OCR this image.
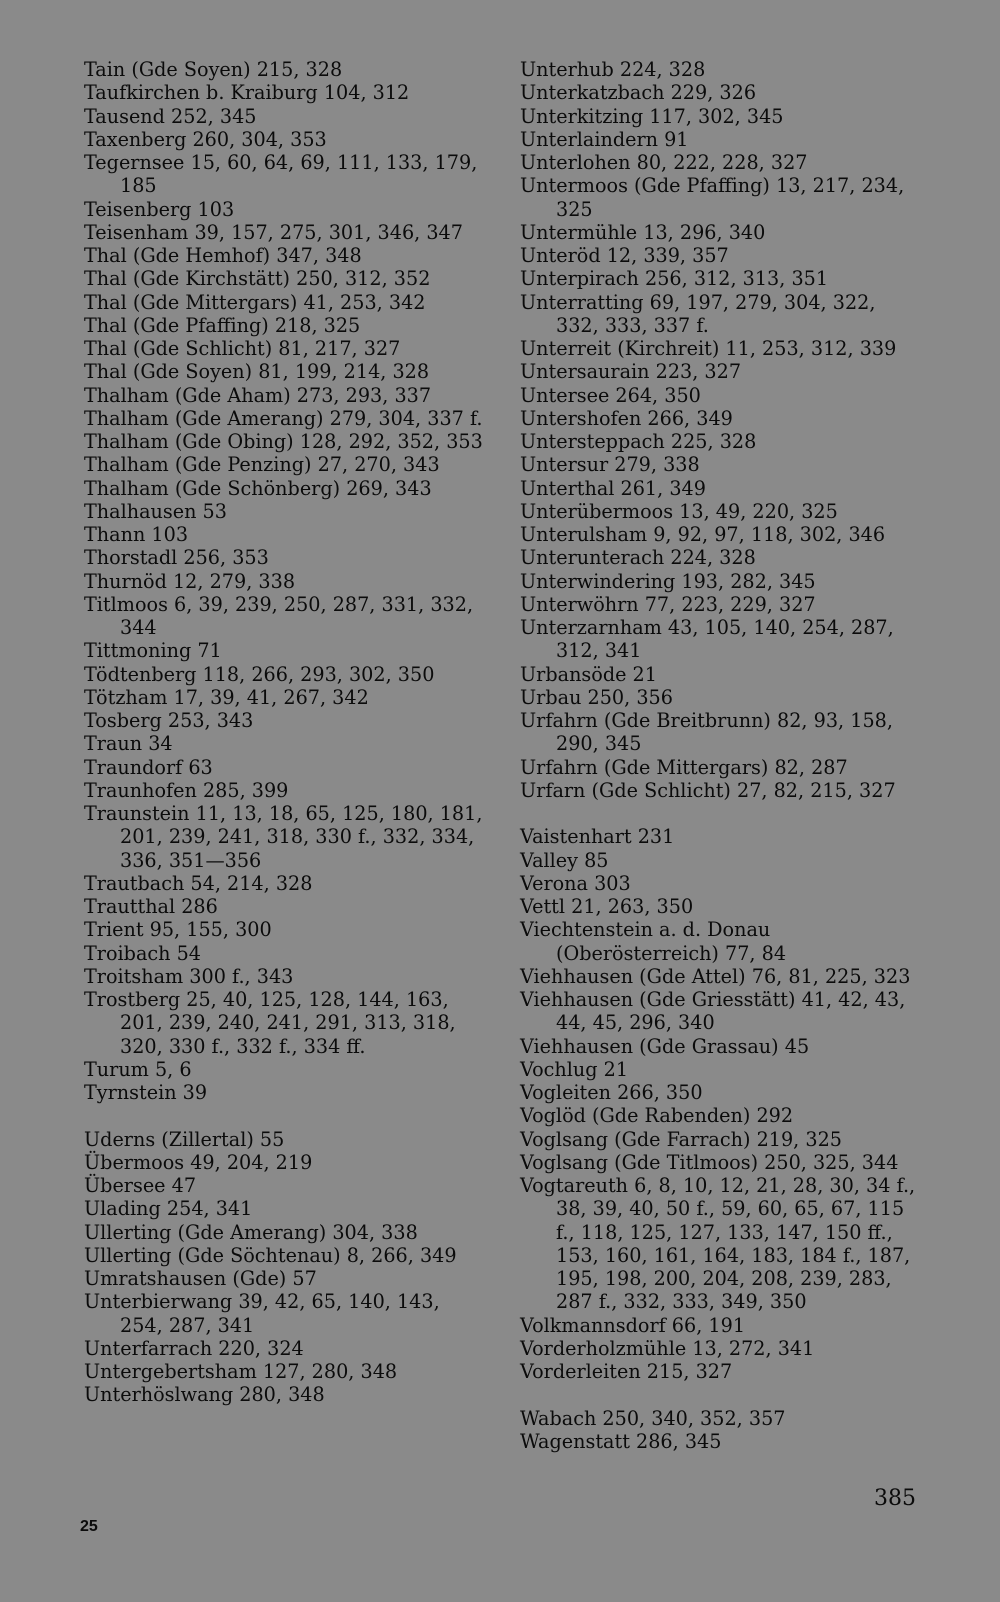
Tain (Gde Soyen) 215, 328
Taufkirchen b. Kraiburg 104, 312
Tausend 252, 345
Taxenberg 260, 304, 353
Tegernsee 15, 60, 64, 69, 111, 133, 179, 185
Teisenberg 103
Teisenham 39, 157, 275, 301, 346, 347
Thal (Gde Hemhof) 347, 348
Thal (Gde Kirchstätt) 250, 312, 352
Thal (Gde Mittergars) 41, 253, 342
Thal (Gde Pfaffing) 218, 325
Thal (Gde Schlicht) 81, 217, 327
Thal (Gde Soyen) 81, 199, 214, 328
Thalham (Gde Aham) 273, 293, 337
Thalham (Gde Amerang) 279, 304, 337 f.
Thalham (Gde Obing) 128, 292, 352, 353
Thalham (Gde Penzing) 27, 270, 343
Thalham (Gde Schönberg) 269, 343
Thalhausen 53
Thann 103
Thorstadl 256, 353
Thurnöd 12, 279, 338
Titlmoos 6, 39, 239, 250, 287, 331, 332, 344
Tittmoning 71
Tödtenberg 118, 266, 293, 302, 350
Tötzham 17, 39, 41, 267, 342
Tosberg 253, 343
Traun 34
Traundorf 63
Traunhofen 285, 399
Traunstein 11, 13, 18, 65, 125, 180, 181, 201, 239, 241, 318, 330 f., 332, 334, 336, 351—356
Trautbach 54, 214, 328
Trautthal 286
Trient 95, 155, 300
Troibach 54
Troitsham 300 f., 343
Trostberg 25, 40, 125, 128, 144, 163, 201, 239, 240, 241, 291, 313, 318, 320, 330 f., 332 f., 334 ff.
Turum 5, 6
Tyrnstein 39
Uderns (Zillertal) 55
Übermoos 49, 204, 219
Übersee 47
Ulading 254, 341
Ullerting (Gde Amerang) 304, 338
Ullerting (Gde Söchtenau) 8, 266, 349
Umratshausen (Gde) 57
Unterbierwang 39, 42, 65, 140, 143, 254, 287, 341
Unterfarrach 220, 324
Untergebertsham 127, 280, 348
Unterhöslwang 280, 348
Unterhub 224, 328
Unterkatzbach 229, 326
Unterkitzing 117, 302, 345
Unterlaindern 91
Unterlohen 80, 222, 228, 327
Untermoos (Gde Pfaffing) 13, 217, 234, 325
Untermühle 13, 296, 340
Unteröd 12, 339, 357
Unterpirach 256, 312, 313, 351
Unterratting 69, 197, 279, 304, 322, 332, 333, 337 f.
Unterreit (Kirchreit) 11, 253, 312, 339
Untersaurain 223, 327
Untersee 264, 350
Untershofen 266, 349
Untersteppach 225, 328
Untersur 279, 338
Unterthal 261, 349
Unterübermoos 13, 49, 220, 325
Unterulsham 9, 92, 97, 118, 302, 346
Unterunterach 224, 328
Unterwindering 193, 282, 345
Unterwöhrn 77, 223, 229, 327
Unterzarnham 43, 105, 140, 254, 287, 312, 341
Urbansöde 21
Urbau 250, 356
Urfahrn (Gde Breitbrunn) 82, 93, 158, 290, 345
Urfahrn (Gde Mittergars) 82, 287
Urfarn (Gde Schlicht) 27, 82, 215, 327
Vaistenhart 231
Valley 85
Verona 303
Vettl 21, 263, 350
Viechtenstein a. d. Donau (Oberösterreich) 77, 84
Viehhausen (Gde Attel) 76, 81, 225, 323
Viehhausen (Gde Griesstätt) 41, 42, 43, 44, 45, 296, 340
Viehhausen (Gde Grassau) 45
Vochlug 21
Vogleiten 266, 350
Voglöd (Gde Rabenden) 292
Voglsang (Gde Farrach) 219, 325
Voglsang (Gde Titlmoos) 250, 325, 344
Vogtareuth 6, 8, 10, 12, 21, 28, 30, 34 f., 38, 39, 40, 50 f., 59, 60, 65, 67, 115 f., 118, 125, 127, 133, 147, 150 ff., 153, 160, 161, 164, 183, 184 f., 187, 195, 198, 200, 204, 208, 239, 283, 287 f., 332, 333, 349, 350
Volkmannsdorf 66, 191
Vorderholzmühle 13, 272, 341
Vorderleiten 215, 327
Wabach 250, 340, 352, 357
Wagenstatt 286, 345
385
25
